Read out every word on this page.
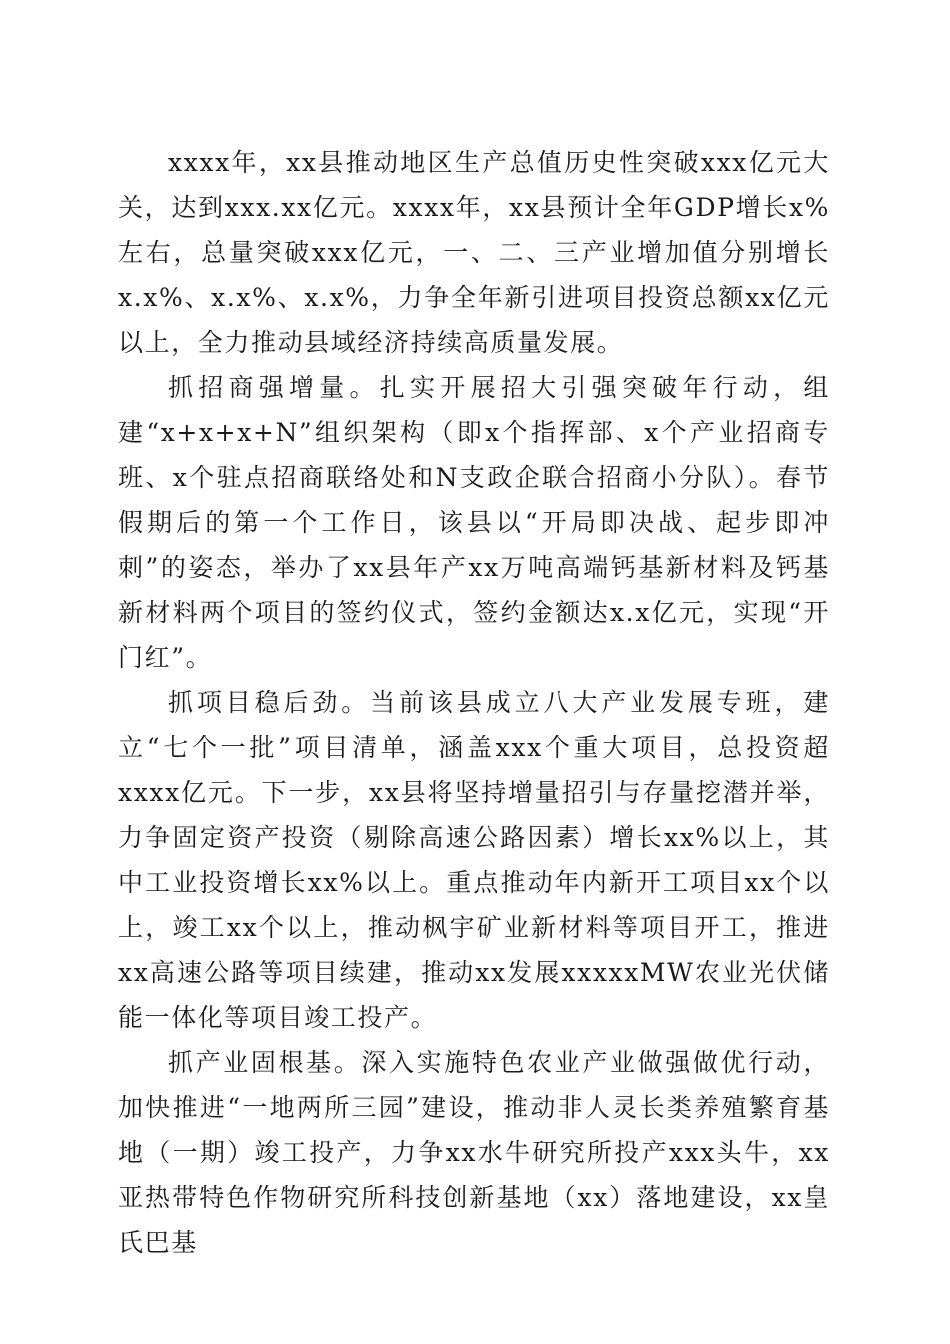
xxxx年，xx县推动地区生产总值历史性突破xxx亿元大关，达到xxx.xx亿元。xxxx年，xx县预计全年GDP增长x%左右，总量突破xxx亿元，一、二、三产业增加值分别增长x.x%、x.x%、x.x%，力争全年新引进项目投资总额xx亿元以上，全力推动县域经济持续高质量发展。

抓招商强增量。扎实开展招大引强突破年行动，组建“x+x+x+N”组织架构（即x个指挥部、x个产业招商专班、x个驻点招商联络处和N支政企联合招商小分队）。春节假期后的第一个工作日，该县以“开局即决战、起步即冲刺”的姿态，举办了xx县年产xx万吨高端钙基新材料及钙基新材料两个项目的签约仪式，签约金额达x.x亿元，实现“开门红”。

抓项目稳后劲。当前该县成立八大产业发展专班，建立“七个一批”项目清单，涵盖xxx个重大项目，总投资超xxxx亿元。下一步，xx县将坚持增量招引与存量挖潜并举，力争固定资产投资（剔除高速公路因素）增长xx%以上，其中工业投资增长xx%以上。重点推动年内新开工项目xx个以上，竣工xx个以上，推动枫宇矿业新材料等项目开工，推进xx高速公路等项目续建，推动xx发展xxxxxMW农业光伏储能一体化等项目竣工投产。

抓产业固根基。深入实施特色农业产业做强做优行动，加快推进“一地两所三园”建设，推动非人灵长类养殖繁育基地（一期）竣工投产，力争xx水牛研究所投产xxx头牛，xx亚热带特色作物研究所科技创新基地（xx）落地建设，xx皇氏巴基
